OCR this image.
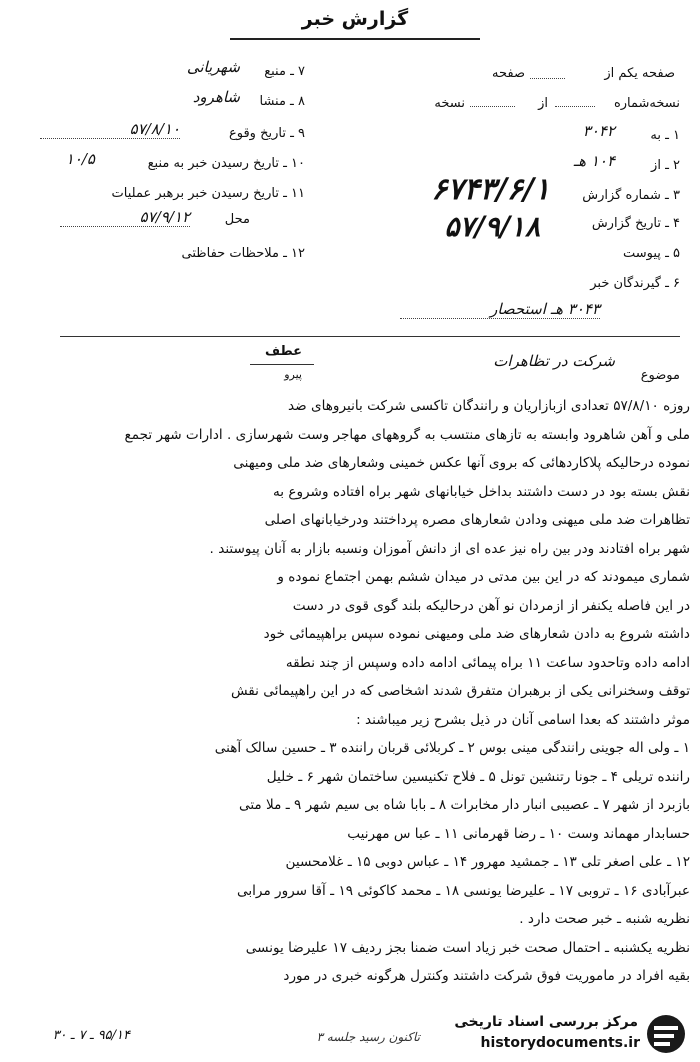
گزارش خبر
۷ ـ منبع
شهریانی
۸ ـ منشا
شاهرود
۹ ـ تاریخ وقوع
۵۷/۸/۱۰
۱۰ ـ تاریخ رسیدن خبر به منبع
۱۰/۵
۱۱ ـ تاریخ رسیدن خبر برهبر عملیات
محل
۵۷/۹/۱۲
۱۲ ـ ملاحظات حفاظتی
صفحه یکم از
صفحه
نسخه‌شماره
از
نسخه
۱ ـ به
۳۰۴۲
۲ ـ از
۱۰۴ هـ
۳ ـ شماره گزارش
۶۷۴۳/۶/۱
۴ ـ تاریخ گزارش
۵۷/۹/۱۸
۵ ـ پیوست
۶ ـ گیرندگان خبر
۳۰۴۳ هـ استحصار
عطف
پیرو	موضوع
شرکت در تظاهرات

روزه ۵۷/۸/۱۰ تعدادی ازبازاریان و رانندگان تاکسی شرکت بانیروهای ضد

ملی و آهن شاهرود وابسته به تازهای منتسب به گروههای مهاجر وست شهرسازی . ادارات شهر تجمع

نموده درحالیکه پلاکاردهائی که بروی آنها عکس خمینی وشعارهای ضد ملی ومیهنی

نقش بسته بود در دست داشتند بداخل خیابانهای شهر براه افتاده وشروع به

تظاهرات ضد ملی میهنی ودادن شعارهای مصره پرداختند ودرخیابانهای اصلی

شهر براه افتادند ودر بین راه نیز عده ای از دانش آموزان ونسبه بازار به آنان پیوستند .

شماری میمودند که در این بین مدتی در میدان ششم بهمن اجتماع نموده و

در این فاصله یکنفر از ازمردان نو آهن درحالیکه بلند گوی قوی در دست

داشته شروع به دادن شعارهای ضد ملی ومیهنی نموده سپس براهپیمائی خود

ادامه داده وتاحدود ساعت ۱۱ براه پیمائی ادامه داده وسپس از چند نطقه

توقف وسخنرانی یکی از برهبران متفرق شدند اشخاصی که در این راهپیمائی نقش

موثر داشتند که بعدا اسامی آنان در ذیل بشرح زیر میباشند :

۱ ـ ولی اله جوینی رانندگی مینی بوس ۲ ـ کربلائی قربان راننده ۳ ـ حسین سالک آهنی

راننده تریلی ۴ ـ جونا رتنشین تونل ۵ ـ فلاح تکنیسین ساختمان شهر ۶ ـ خلیل

بازبرد از شهر ۷ ـ عصیبی انبار دار مخابرات ۸ ـ بابا شاه بی سیم شهر ۹ ـ ملا متی

حسابدار مهماند وست ۱۰ ـ رضا قهرمانی ۱۱ ـ عبا س مهرنیب

۱۲ ـ علی اصغر تلی ۱۳ ـ جمشید مهرور ۱۴ ـ عباس دوبی ۱۵ ـ غلامحسین

عبرآبادی ۱۶ ـ تروبی ۱۷ ـ علیرضا یونسی ۱۸ ـ محمد کاکوئی ۱۹ ـ آقا سرور مرابی

نظریه شنبه ـ خبر صحت دارد .

نظریه یکشنبه ـ احتمال صحت خبر زیاد است ضمنا بجز ردیف ۱۷ علیرضا یونسی

بقیه افراد در ماموریت فوق شرکت داشتند وکنترل هرگونه خبری در مورد

۹۵/۱۴ ـ ۷ ـ ۳۰	تاکنون رسید جلسه ۳
مرکز بررسی اسناد تاریخی
historydocuments.ir
